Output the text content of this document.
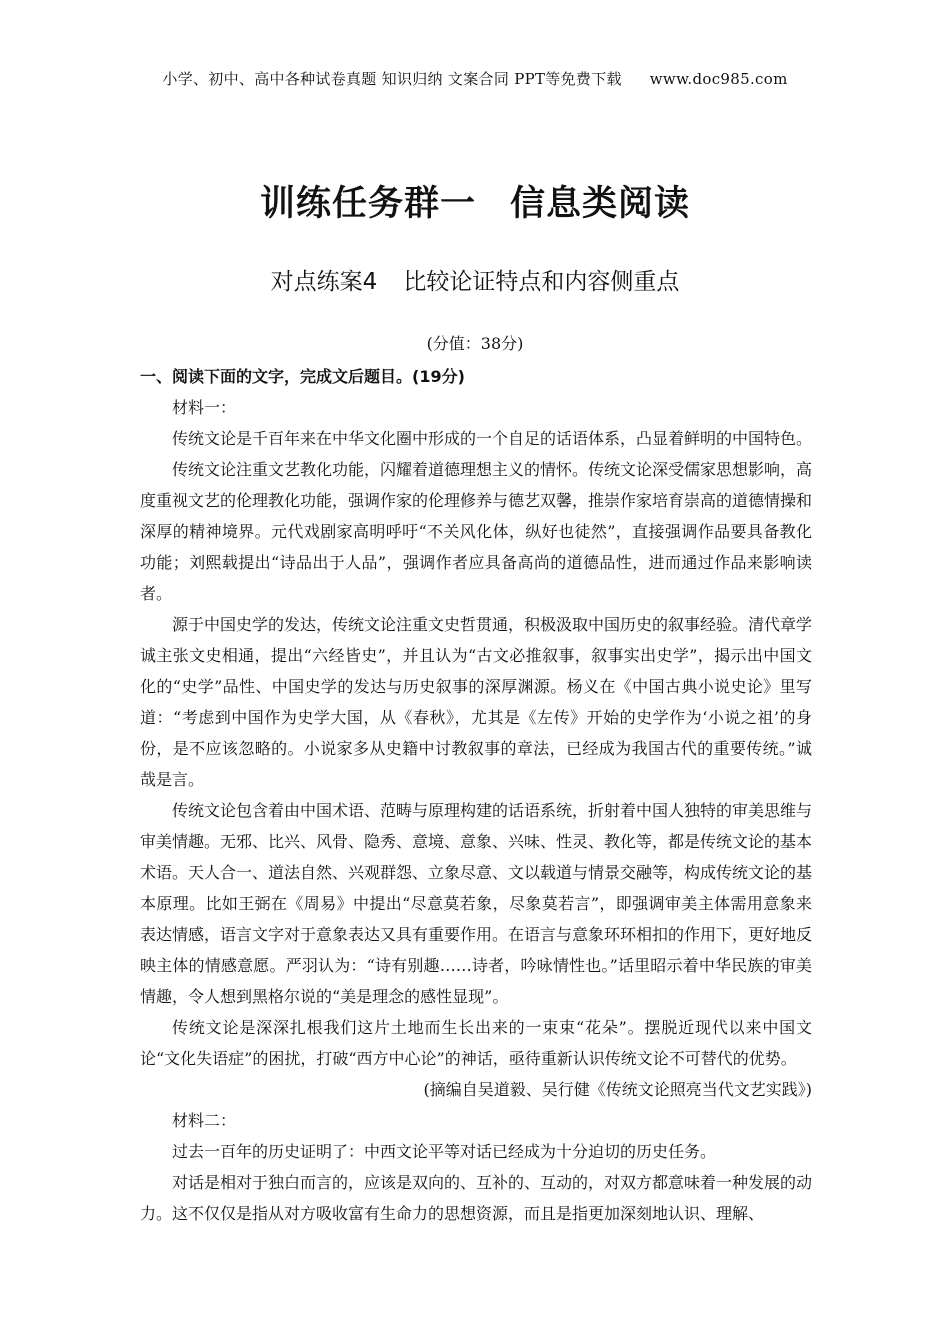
小学、初中、高中各种试卷真题 知识归纳 文案合同 PPT等免费下载 www.doc985.com
训练任务群一 信息类阅读
对点练案4 比较论证特点和内容侧重点
(分值：38分)

一、阅读下面的文字，完成文后题目。(19分)

材料一：

传统文论是千百年来在中华文化圈中形成的一个自足的话语体系，凸显着鲜明的中国特色。

传统文论注重文艺教化功能，闪耀着道德理想主义的情怀。传统文论深受儒家思想影响，高度重视文艺的伦理教化功能，强调作家的伦理修养与德艺双馨，推崇作家培育崇高的道德情操和深厚的精神境界。元代戏剧家高明呼吁“不关风化体，纵好也徒然”，直接强调作品要具备教化功能；刘熙载提出“诗品出于人品”，强调作者应具备高尚的道德品性，进而通过作品来影响读者。

源于中国史学的发达，传统文论注重文史哲贯通，积极汲取中国历史的叙事经验。清代章学诚主张文史相通，提出“六经皆史”，并且认为“古文必推叙事，叙事实出史学”，揭示出中国文化的“史学”品性、中国史学的发达与历史叙事的深厚渊源。杨义在《中国古典小说史论》里写道：“考虑到中国作为史学大国，从《春秋》，尤其是《左传》开始的史学作为‘小说之祖’的身份，是不应该忽略的。小说家多从史籍中讨教叙事的章法，已经成为我国古代的重要传统。”诚哉是言。

传统文论包含着由中国术语、范畴与原理构建的话语系统，折射着中国人独特的审美思维与审美情趣。无邪、比兴、风骨、隐秀、意境、意象、兴味、性灵、教化等，都是传统文论的基本术语。天人合一、道法自然、兴观群怨、立象尽意、文以载道与情景交融等，构成传统文论的基本原理。比如王弼在《周易》中提出“尽意莫若象，尽象莫若言”，即强调审美主体需用意象来表达情感，语言文字对于意象表达又具有重要作用。在语言与意象环环相扣的作用下，更好地反映主体的情感意愿。严羽认为：“诗有别趣……诗者，吟咏情性也。”话里昭示着中华民族的审美情趣，令人想到黑格尔说的“美是理念的感性显现”。

传统文论是深深扎根我们这片土地而生长出来的一束束“花朵”。摆脱近现代以来中国文论“文化失语症”的困扰，打破“西方中心论”的神话，亟待重新认识传统文论不可替代的优势。

(摘编自吴道毅、吴行健《传统文论照亮当代文艺实践》)

材料二：

过去一百年的历史证明了：中西文论平等对话已经成为十分迫切的历史任务。

对话是相对于独白而言的，应该是双向的、互补的、互动的，对双方都意味着一种发展的动力。这不仅仅是指从对方吸收富有生命力的思想资源，而且是指更加深刻地认识、理解、
